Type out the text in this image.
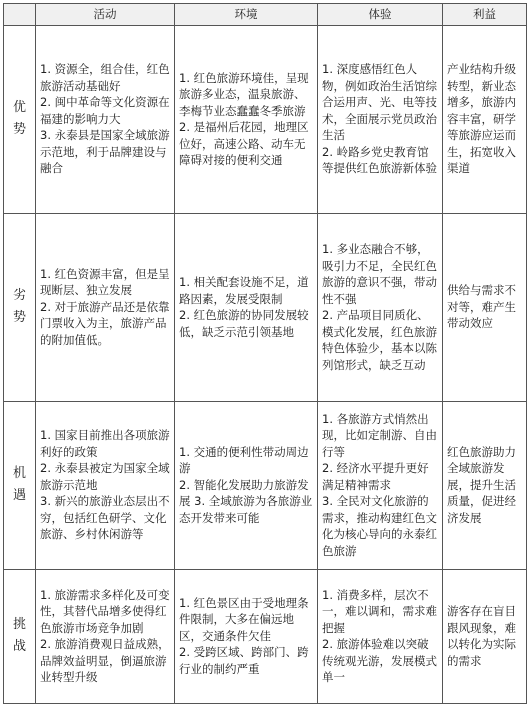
	活动	环境	体验	利益
优势	1. 资源全，组合佳，红色旅游活动基础好
2. 闽中革命等文化资源在福建的影响力大
3. 永泰县是国家全域旅游示范地，利于品牌建设与融合	1. 红色旅游环境佳，呈现旅游多业态，温泉旅游、李梅节业态蠢蠢冬季旅游
2. 是福州后花园，地理区位好，高速公路、动车无障碍对接的便利交通	1. 深度感悟红色人物，例如政治生活馆综合运用声、光、电等技术，全面展示党员政治生活
2. 岭路乡党史教育馆等提供红色旅游新体验	产业结构升级转型，新业态增多，旅游内容丰富，研学等旅游应运而生，拓宽收入渠道
劣势	1. 红色资源丰富，但是呈现断层、独立发展
2. 对于旅游产品还是依靠门票收入为主，旅游产品的附加值低。	1. 相关配套设施不足，道路因素，发展受限制
2. 红色旅游的协同发展较低，缺乏示范引领基地	1. 多业态融合不够，吸引力不足，全民红色旅游的意识不强，带动性不强
2. 产品项目同质化、模式化发展，红色旅游特色体验少，基本以陈列馆形式，缺乏互动	供给与需求不对等，难产生带动效应
机遇	1. 国家目前推出各项旅游利好的政策
2. 永泰县被定为国家全域旅游示范地
3. 新兴的旅游业态层出不穷，包括红色研学、文化旅游、乡村休闲游等	1. 交通的便利性带动周边游
2. 智能化发展助力旅游发展 3. 全域旅游为各旅游业态开发带来可能	1. 各旅游方式悄然出现，比如定制游、自由行等
2. 经济水平提升更好满足精神需求
3. 全民对文化旅游的需求，推动构建红色文化为核心导向的永泰红色旅游	红色旅游助力全域旅游发展，提升生活质量，促进经济发展
挑战	1. 旅游需求多样化及可变性，其替代品增多使得红色旅游市场竞争加剧
2. 旅游消费观日益成熟，品牌效益明显，倒逼旅游业转型升级	1. 红色景区由于受地理条件限制，大多在偏远地区，交通条件欠佳
2. 受跨区域、跨部门、跨行业的制约严重	1. 消费多样，层次不一，难以调和，需求难把握
2. 旅游体验难以突破传统观光游，发展模式单一	游客存在盲目跟风现象，难以转化为实际的需求
